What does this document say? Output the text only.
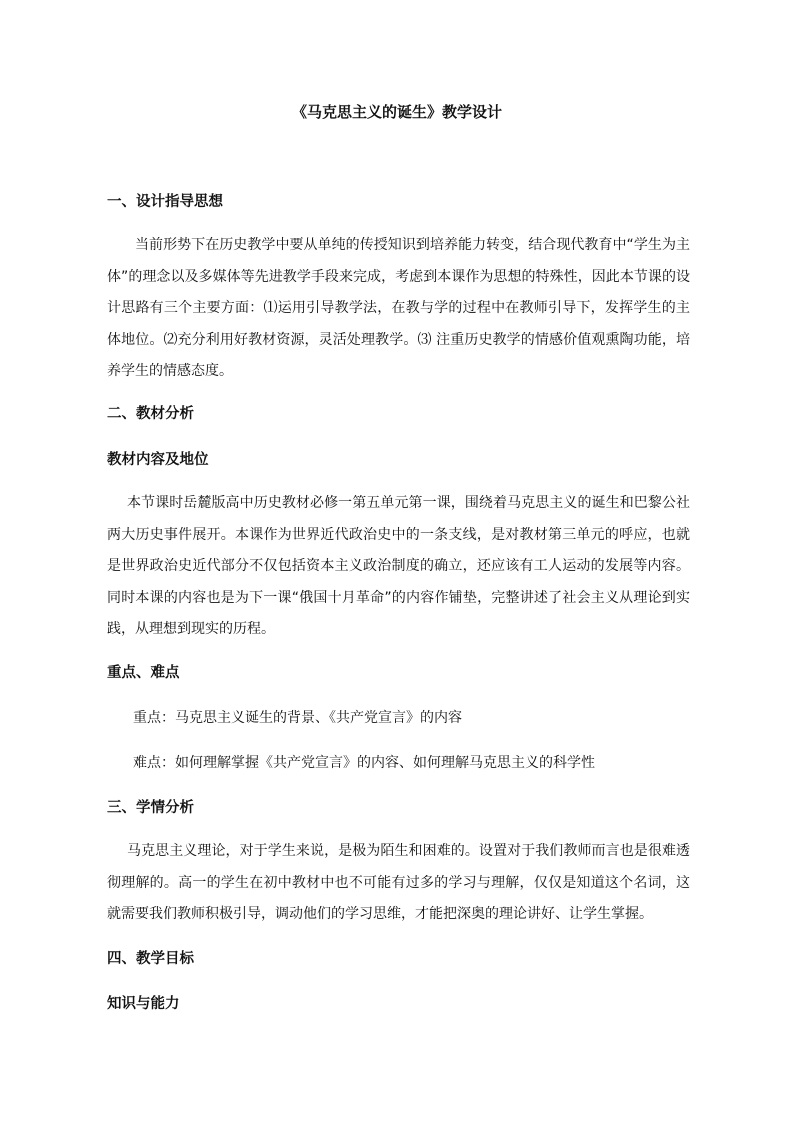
《马克思主义的诞生》教学设计
一、设计指导思想

当前形势下在历史教学中要从单纯的传授知识到培养能力转变，结合现代教育中“学生为主体”的理念以及多媒体等先进教学手段来完成，考虑到本课作为思想的特殊性，因此本节课的设计思路有三个主要方面：⑴运用引导教学法，在教与学的过程中在教师引导下，发挥学生的主体地位。⑵充分利用好教材资源，灵活处理教学。⑶ 注重历史教学的情感价值观熏陶功能，培养学生的情感态度。

二、教材分析
教材内容及地位

本节课时岳麓版高中历史教材必修一第五单元第一课，围绕着马克思主义的诞生和巴黎公社两大历史事件展开。本课作为世界近代政治史中的一条支线，是对教材第三单元的呼应，也就是世界政治史近代部分不仅包括资本主义政治制度的确立，还应该有工人运动的发展等内容。同时本课的内容也是为下一课“俄国十月革命”的内容作铺垫，完整讲述了社会主义从理论到实践，从理想到现实的历程。

重点、难点
重点：马克思主义诞生的背景、《共产党宣言》的内容
难点：如何理解掌握《共产党宣言》的内容、如何理解马克思主义的科学性
三、学情分析

马克思主义理论，对于学生来说，是极为陌生和困难的。设置对于我们教师而言也是很难透彻理解的。高一的学生在初中教材中也不可能有过多的学习与理解，仅仅是知道这个名词，这就需要我们教师积极引导，调动他们的学习思维，才能把深奥的理论讲好、让学生掌握。

四、教学目标
知识与能力
